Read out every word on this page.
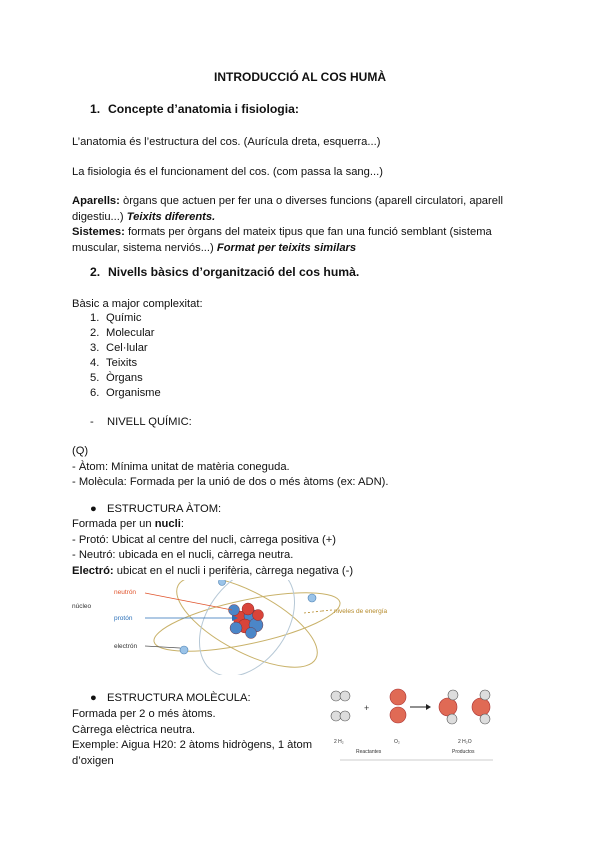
INTRODUCCIÓ AL COS HUMÀ
1. Concepte d’anatomia i fisiologia:
L’anatomia és l’estructura del cos. (Aurícula dreta, esquerra...)
La fisiologia és el funcionament del cos. (com passa la sang...)
Aparells: òrgans que actuen per fer una o diverses funcions (aparell circulatori, aparell
digestiu...) Teixits diferents.
Sistemes: formats per òrgans del mateix tipus que fan una funció semblant (sistema
muscular, sistema nerviós...) Format per teixits similars
2. Nivells bàsics d’organització del cos humà.
Bàsic a major complexitat:
1. Químic
2. Molecular
3. Cel·lular
4. Teixits
5. Òrgans
6. Organisme
- NIVELL QUÍMIC:
(Q)
- Àtom: Mínima unitat de matèria coneguda.
- Molècula: Formada per la unió de dos o més àtoms (ex: ADN).
● ESTRUCTURA ÀTOM:
Formada per un nucli:
- Protó: Ubicat al centre del nucli, càrrega positiva (+)
- Neutró: ubicada en el nucli, càrrega neutra.
Electró: ubicat en el nucli i perifèria, càrrega negativa (-)
núcleo
neutrón
protón
electrón
niveles de energía
● ESTRUCTURA MOLÈCULA:
Formada per 2 o més àtoms.
Càrrega elèctrica neutra.
Exemple: Aigua H20: 2 àtoms hidrògens, 1 àtom
d’oxigen
+
2 H₂	O₂	2 H₂O
Reactantes	Productos
